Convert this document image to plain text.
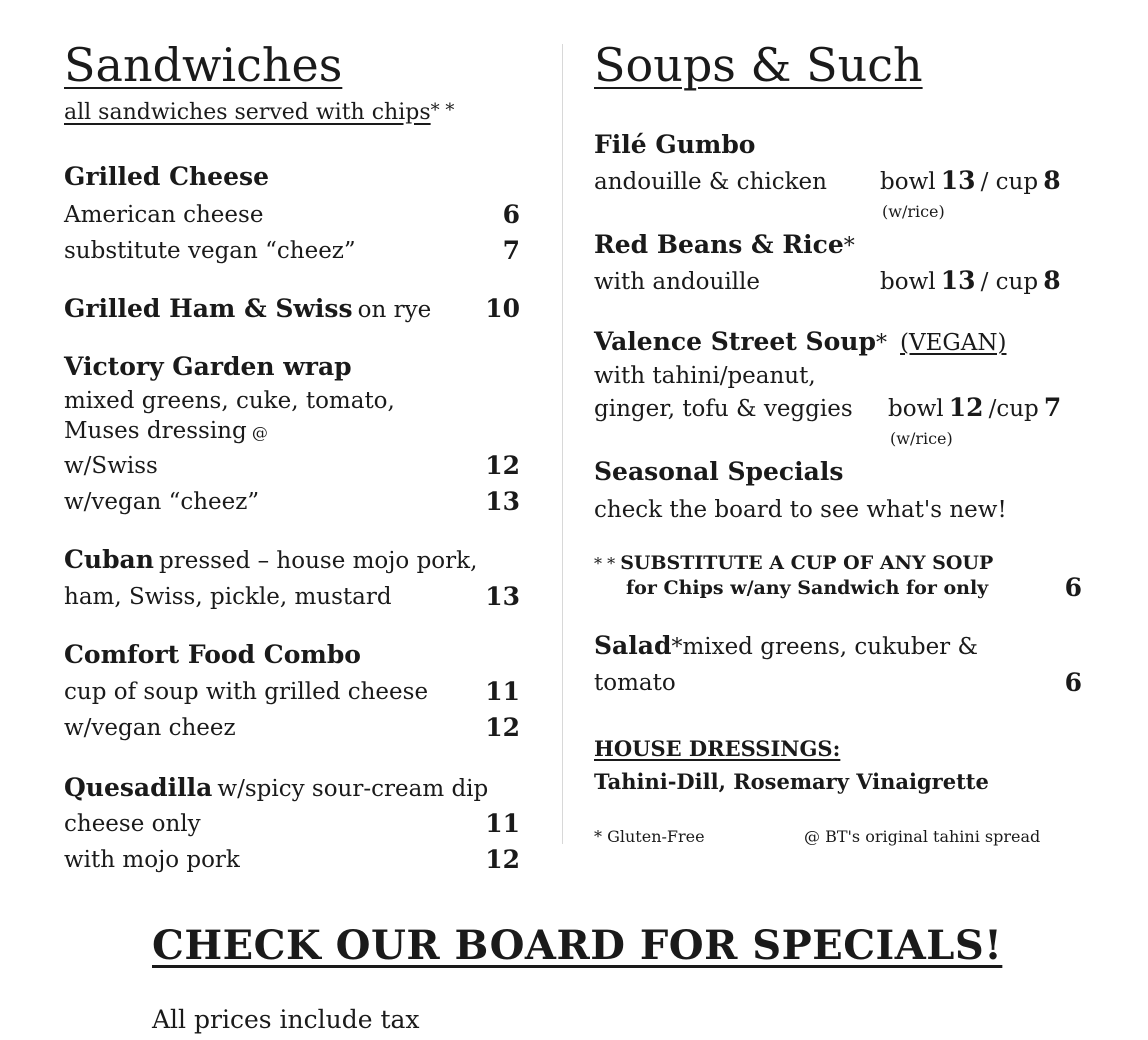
Sandwiches
all sandwiches served with chips* *
Grilled Cheese
American cheese	6
substitute vegan “cheez”	7
Grilled Ham & Swiss on rye	10
Victory Garden wrap
mixed greens, cuke, tomato,
Muses dressing @
w/Swiss	12
w/vegan “cheez”	13
Cuban pressed – house mojo pork,
ham, Swiss, pickle, mustard	13
Comfort Food Combo
cup of soup with grilled cheese	11
w/vegan cheez	12
Quesadilla w/spicy sour-cream dip
cheese only	11
with mojo pork	12
Soups & Such
Filé Gumbo
andouille & chicken bowl 13 / cup 8
(w/rice)
Red Beans & Rice*
with andouille	bowl 13 / cup 8
Valence Street Soup* (VEGAN)
with tahini/peanut,
ginger, tofu & veggies bowl 12 /cup 7
(w/rice)
Seasonal Specials
check the board to see what's new!
* * SUBSTITUTE A CUP OF ANY SOUP
for Chips w/any Sandwich for only	6
Salad*mixed greens, cukuber &
tomato	6
HOUSE DRESSINGS:
Tahini-Dill, Rosemary Vinaigrette
* Gluten-Free	@ BT's original tahini spread
CHECK OUR BOARD FOR SPECIALS!
All prices include tax
